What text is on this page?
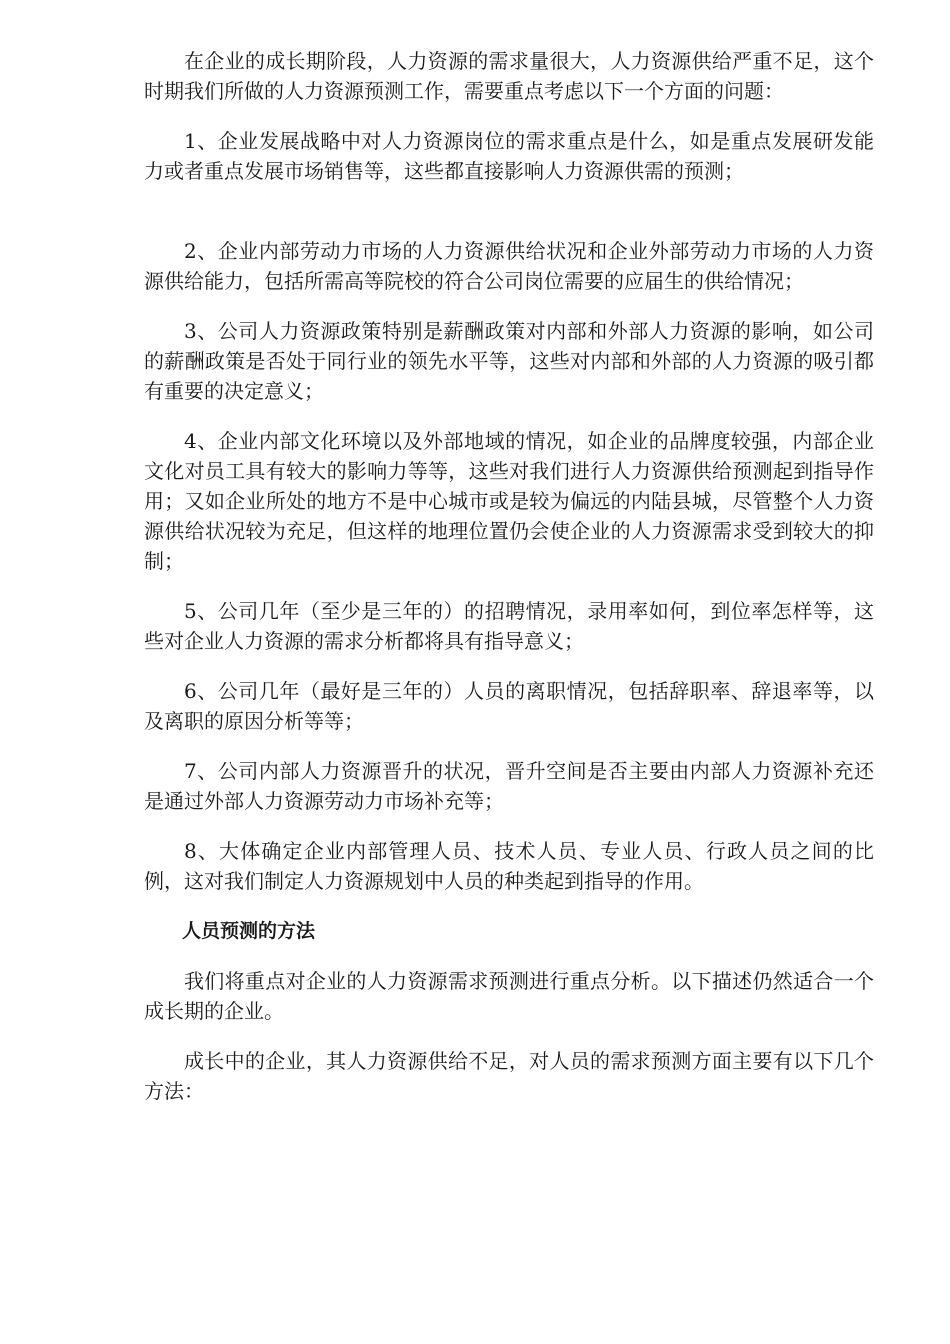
在企业的成长期阶段，人力资源的需求量很大，人力资源供给严重不足，这个时期我们所做的人力资源预测工作，需要重点考虑以下一个方面的问题：

1、企业发展战略中对人力资源岗位的需求重点是什么，如是重点发展研发能力或者重点发展市场销售等，这些都直接影响人力资源供需的预测；

2、企业内部劳动力市场的人力资源供给状况和企业外部劳动力市场的人力资源供给能力，包括所需高等院校的符合公司岗位需要的应届生的供给情况；

3、公司人力资源政策特别是薪酬政策对内部和外部人力资源的影响，如公司的薪酬政策是否处于同行业的领先水平等，这些对内部和外部的人力资源的吸引都有重要的决定意义；

4、企业内部文化环境以及外部地域的情况，如企业的品牌度较强，内部企业文化对员工具有较大的影响力等等，这些对我们进行人力资源供给预测起到指导作用；又如企业所处的地方不是中心城市或是较为偏远的内陆县城，尽管整个人力资源供给状况较为充足，但这样的地理位置仍会使企业的人力资源需求受到较大的抑制；

5、公司几年（至少是三年的）的招聘情况，录用率如何，到位率怎样等，这些对企业人力资源的需求分析都将具有指导意义；

6、公司几年（最好是三年的）人员的离职情况，包括辞职率、辞退率等，以及离职的原因分析等等；

7、公司内部人力资源晋升的状况，晋升空间是否主要由内部人力资源补充还是通过外部人力资源劳动力市场补充等；

8、大体确定企业内部管理人员、技术人员、专业人员、行政人员之间的比例，这对我们制定人力资源规划中人员的种类起到指导的作用。

人员预测的方法

我们将重点对企业的人力资源需求预测进行重点分析。以下描述仍然适合一个成长期的企业。

成长中的企业，其人力资源供给不足，对人员的需求预测方面主要有以下几个方法：
